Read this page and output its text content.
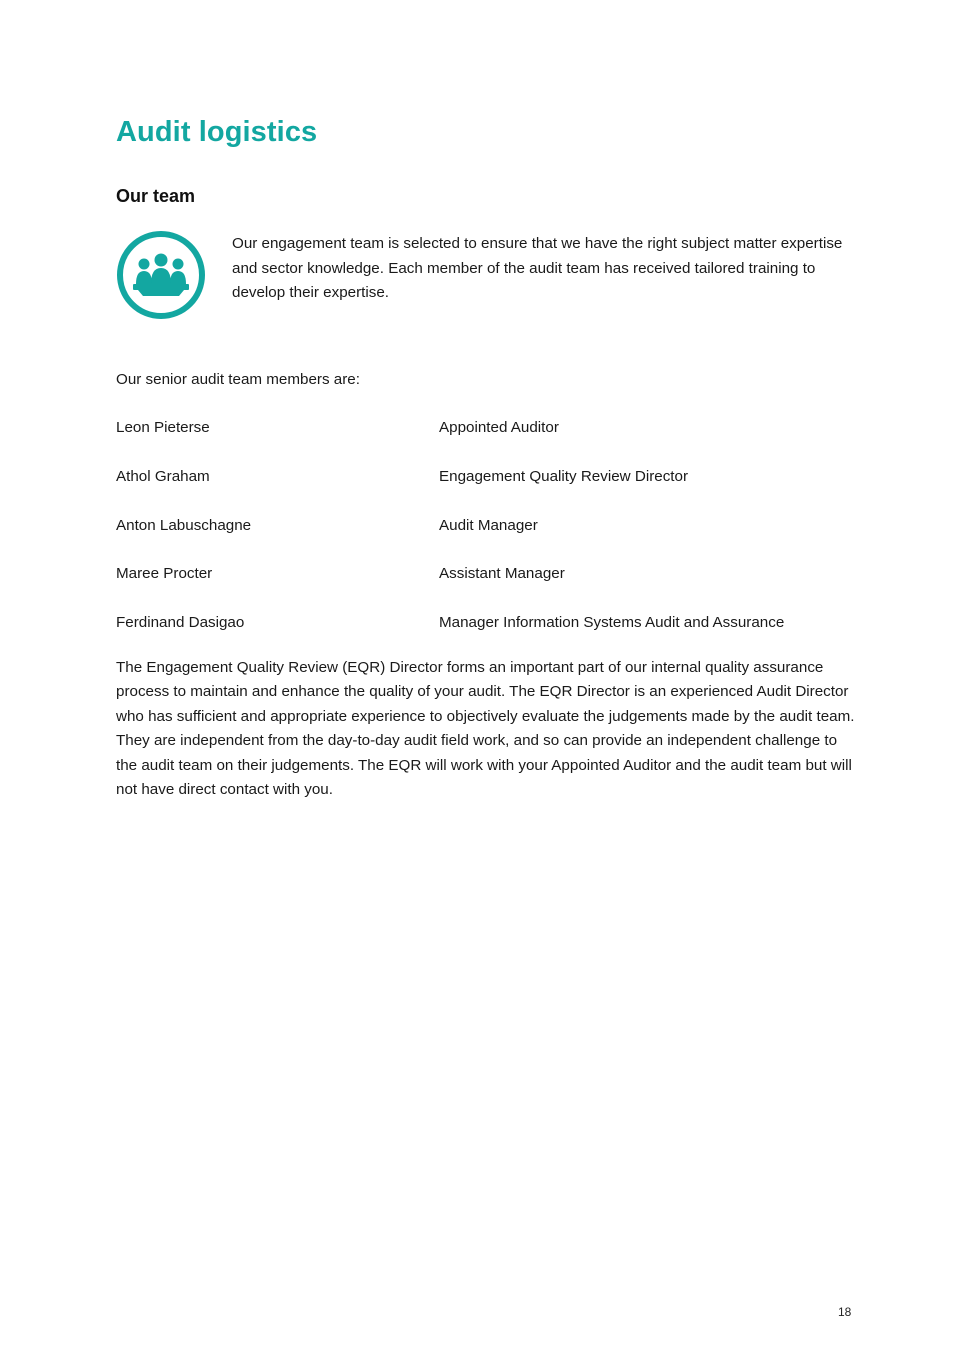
Audit logistics
Our team

Our engagement team is selected to ensure that we have the right subject matter expertise and sector knowledge. Each member of the audit team has received tailored training to develop their expertise.

Our senior audit team members are:

Leon Pieterse	Appointed Auditor
Athol Graham	Engagement Quality Review Director
Anton Labuschagne	Audit Manager
Maree Procter	Assistant Manager
Ferdinand Dasigao	Manager Information Systems Audit and Assurance

The Engagement Quality Review (EQR) Director forms an important part of our internal quality assurance process to maintain and enhance the quality of your audit. The EQR Director is an experienced Audit Director who has sufficient and appropriate experience to objectively evaluate the judgements made by the audit team. They are independent from the day-to-day audit field work, and so can provide an independent challenge to the audit team on their judgements. The EQR will work with your Appointed Auditor and the audit team but will not have direct contact with you.

18
